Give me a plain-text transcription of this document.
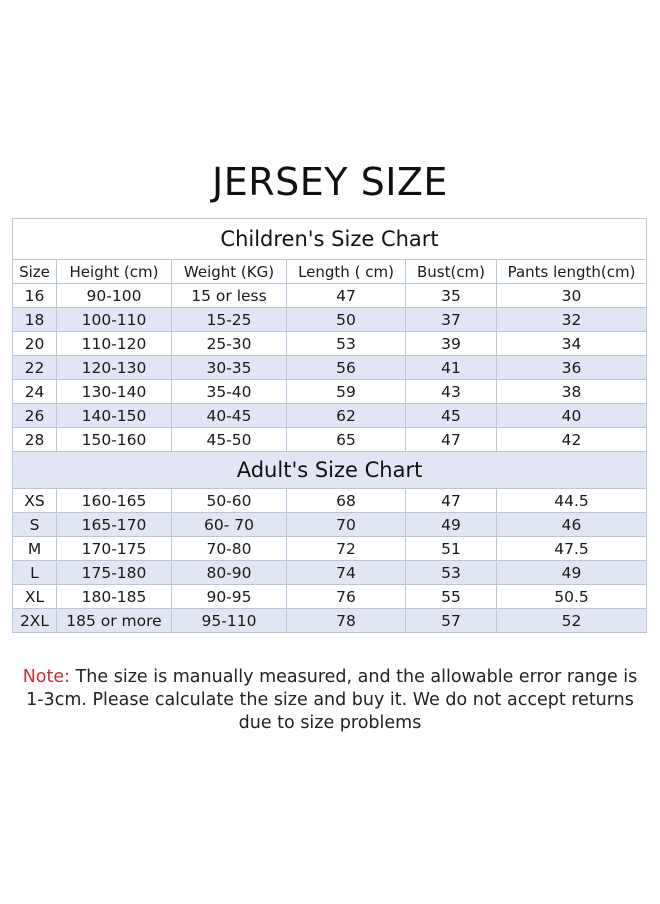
JERSEY SIZE
Children's Size Chart					
Size	Height (cm)	Weight (KG)	Length ( cm)	Bust(cm)	Pants length(cm)
16	90-100	15 or less	47	35	30
18	100-110	15-25	50	37	32
20	110-120	25-30	53	39	34
22	120-130	30-35	56	41	36
24	130-140	35-40	59	43	38
26	140-150	40-45	62	45	40
28	150-160	45-50	65	47	42
Adult's Size Chart					
XS	160-165	50-60	68	47	44.5
S	165-170	60- 70	70	49	46
M	170-175	70-80	72	51	47.5
L	175-180	80-90	74	53	49
XL	180-185	90-95	76	55	50.5
2XL	185 or more	95-110	78	57	52
Note: The size is manually measured, and the allowable error range is 1-3cm. Please calculate the size and buy it. We do not accept returns due to size problems
